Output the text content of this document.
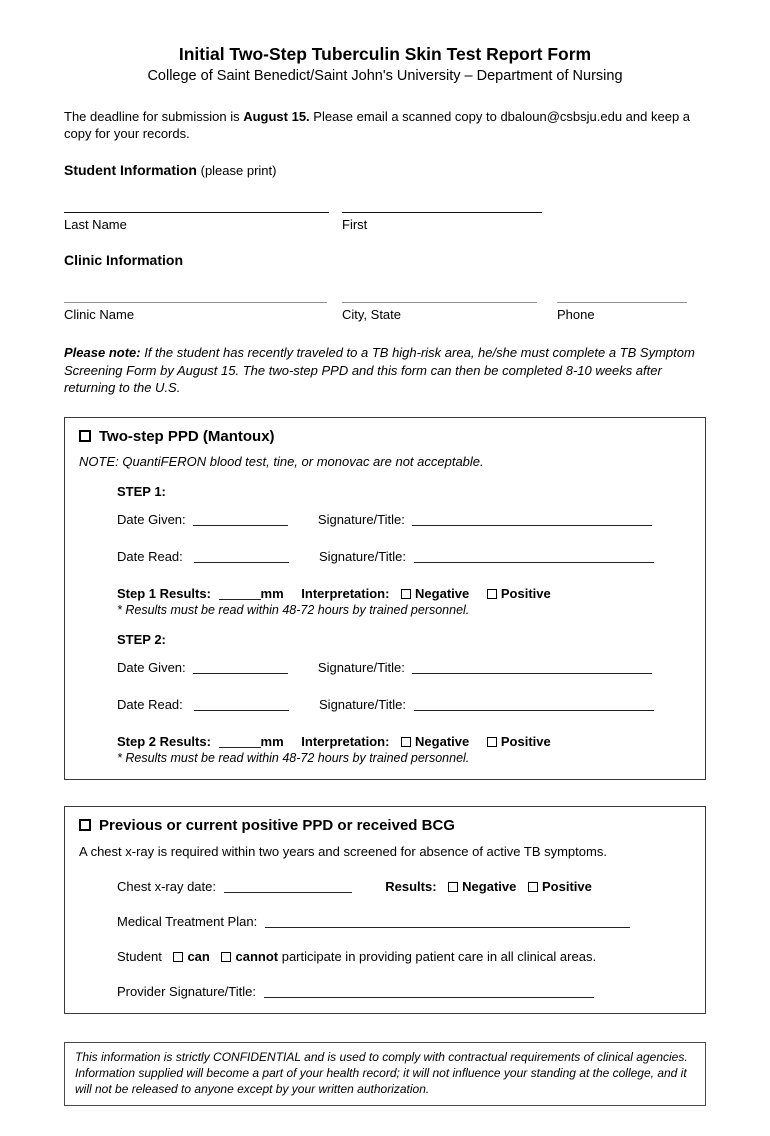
Initial Two-Step Tuberculin Skin Test Report Form
College of Saint Benedict/Saint John's University – Department of Nursing

The deadline for submission is August 15. Please email a scanned copy to dbaloun@csbsju.edu and keep a copy for your records.

Student Information (please print)
Last Name	First
Clinic Information
Clinic Name	City, State	Phone

Please note: If the student has recently traveled to a TB high-risk area, he/she must complete a TB Symptom Screening Form by August 15. The two-step PPD and this form can then be completed 8-10 weeks after returning to the U.S.

Two-step PPD (Mantoux)
NOTE: QuantiFERON blood test, tine, or monovac are not acceptable.
STEP 1:
Date Given:	Signature/Title:
Date Read:	Signature/Title:
Step 1 Results:	mm Interpretation: Negative Positive
* Results must be read within 48-72 hours by trained personnel.
STEP 2:
Date Given:	Signature/Title:
Date Read:	Signature/Title:
Step 2 Results:	mm Interpretation: Negative Positive
* Results must be read within 48-72 hours by trained personnel.
Previous or current positive PPD or received BCG
A chest x-ray is required within two years and screened for absence of active TB symptoms.
Chest x-ray date:	Results: Negative Positive
Medical Treatment Plan:
Student can cannot participate in providing patient care in all clinical areas.
Provider Signature/Title:
This information is strictly CONFIDENTIAL and is used to comply with contractual requirements of clinical agencies. Information supplied will become a part of your health record; it will not influence your standing at the college, and it will not be released to anyone except by your written authorization.
